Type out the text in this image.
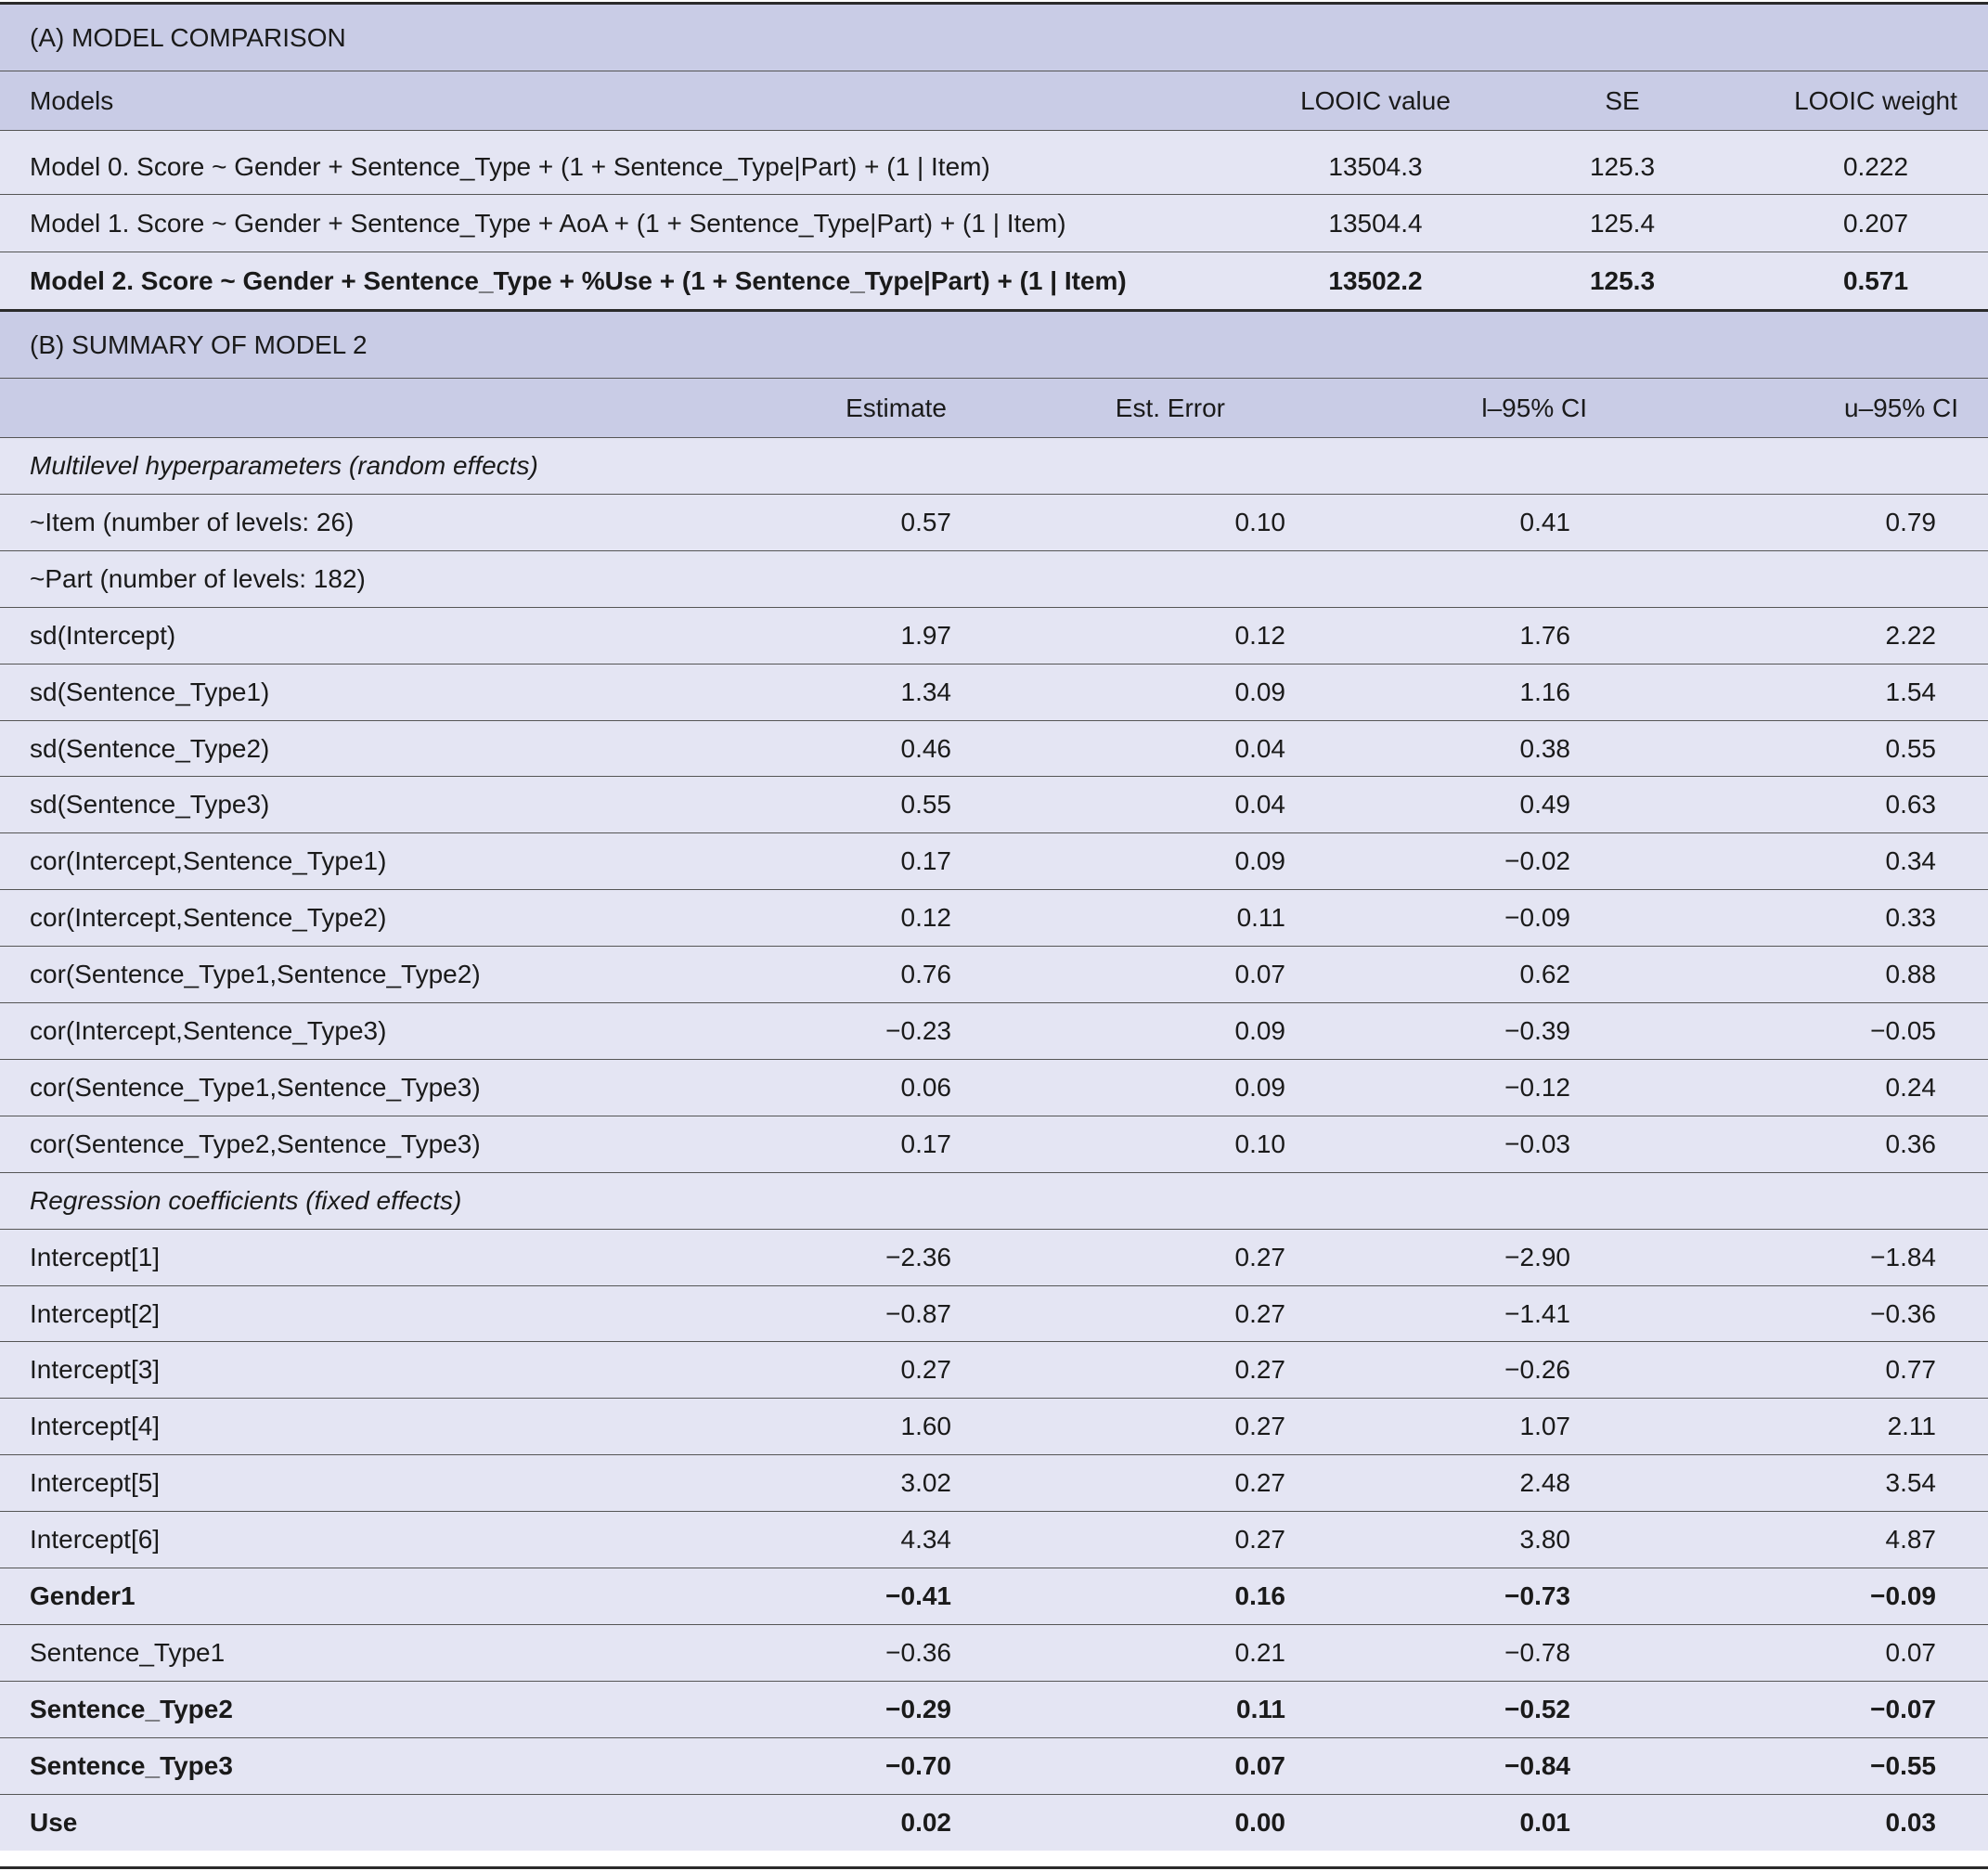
(A) MODEL COMPARISON
Models	LOOIC value	SE	LOOIC weight
Model 0. Score ~ Gender + Sentence_Type + (1 + Sentence_Type|Part) + (1 | Item)	13504.3	125.3	0.222
Model 1. Score ~ Gender + Sentence_Type + AoA + (1 + Sentence_Type|Part) + (1 | Item)	13504.4	125.4	0.207
Model 2. Score ~ Gender + Sentence_Type + %Use + (1 + Sentence_Type|Part) + (1 | Item)	13502.2	125.3	0.571
(B) SUMMARY OF MODEL 2
Estimate	Est. Error	l–95% CI	u–95% CI
Multilevel hyperparameters (random effects)
~Item (number of levels: 26)	0.57	0.10	0.41	0.79
~Part (number of levels: 182)
sd(Intercept)	1.97	0.12	1.76	2.22
sd(Sentence_Type1)	1.34	0.09	1.16	1.54
sd(Sentence_Type2)	0.46	0.04	0.38	0.55
sd(Sentence_Type3)	0.55	0.04	0.49	0.63
cor(Intercept,Sentence_Type1)	0.17	0.09	−0.02	0.34
cor(Intercept,Sentence_Type2)	0.12	0.11	−0.09	0.33
cor(Sentence_Type1,Sentence_Type2)	0.76	0.07	0.62	0.88
cor(Intercept,Sentence_Type3)	−0.23	0.09	−0.39	−0.05
cor(Sentence_Type1,Sentence_Type3)	0.06	0.09	−0.12	0.24
cor(Sentence_Type2,Sentence_Type3)	0.17	0.10	−0.03	0.36
Regression coefficients (fixed effects)
Intercept[1]	−2.36	0.27	−2.90	−1.84
Intercept[2]	−0.87	0.27	−1.41	−0.36
Intercept[3]	0.27	0.27	−0.26	0.77
Intercept[4]	1.60	0.27	1.07	2.11
Intercept[5]	3.02	0.27	2.48	3.54
Intercept[6]	4.34	0.27	3.80	4.87
Gender1	−0.41	0.16	−0.73	−0.09
Sentence_Type1	−0.36	0.21	−0.78	0.07
Sentence_Type2	−0.29	0.11	−0.52	−0.07
Sentence_Type3	−0.70	0.07	−0.84	−0.55
Use	0.02	0.00	0.01	0.03
